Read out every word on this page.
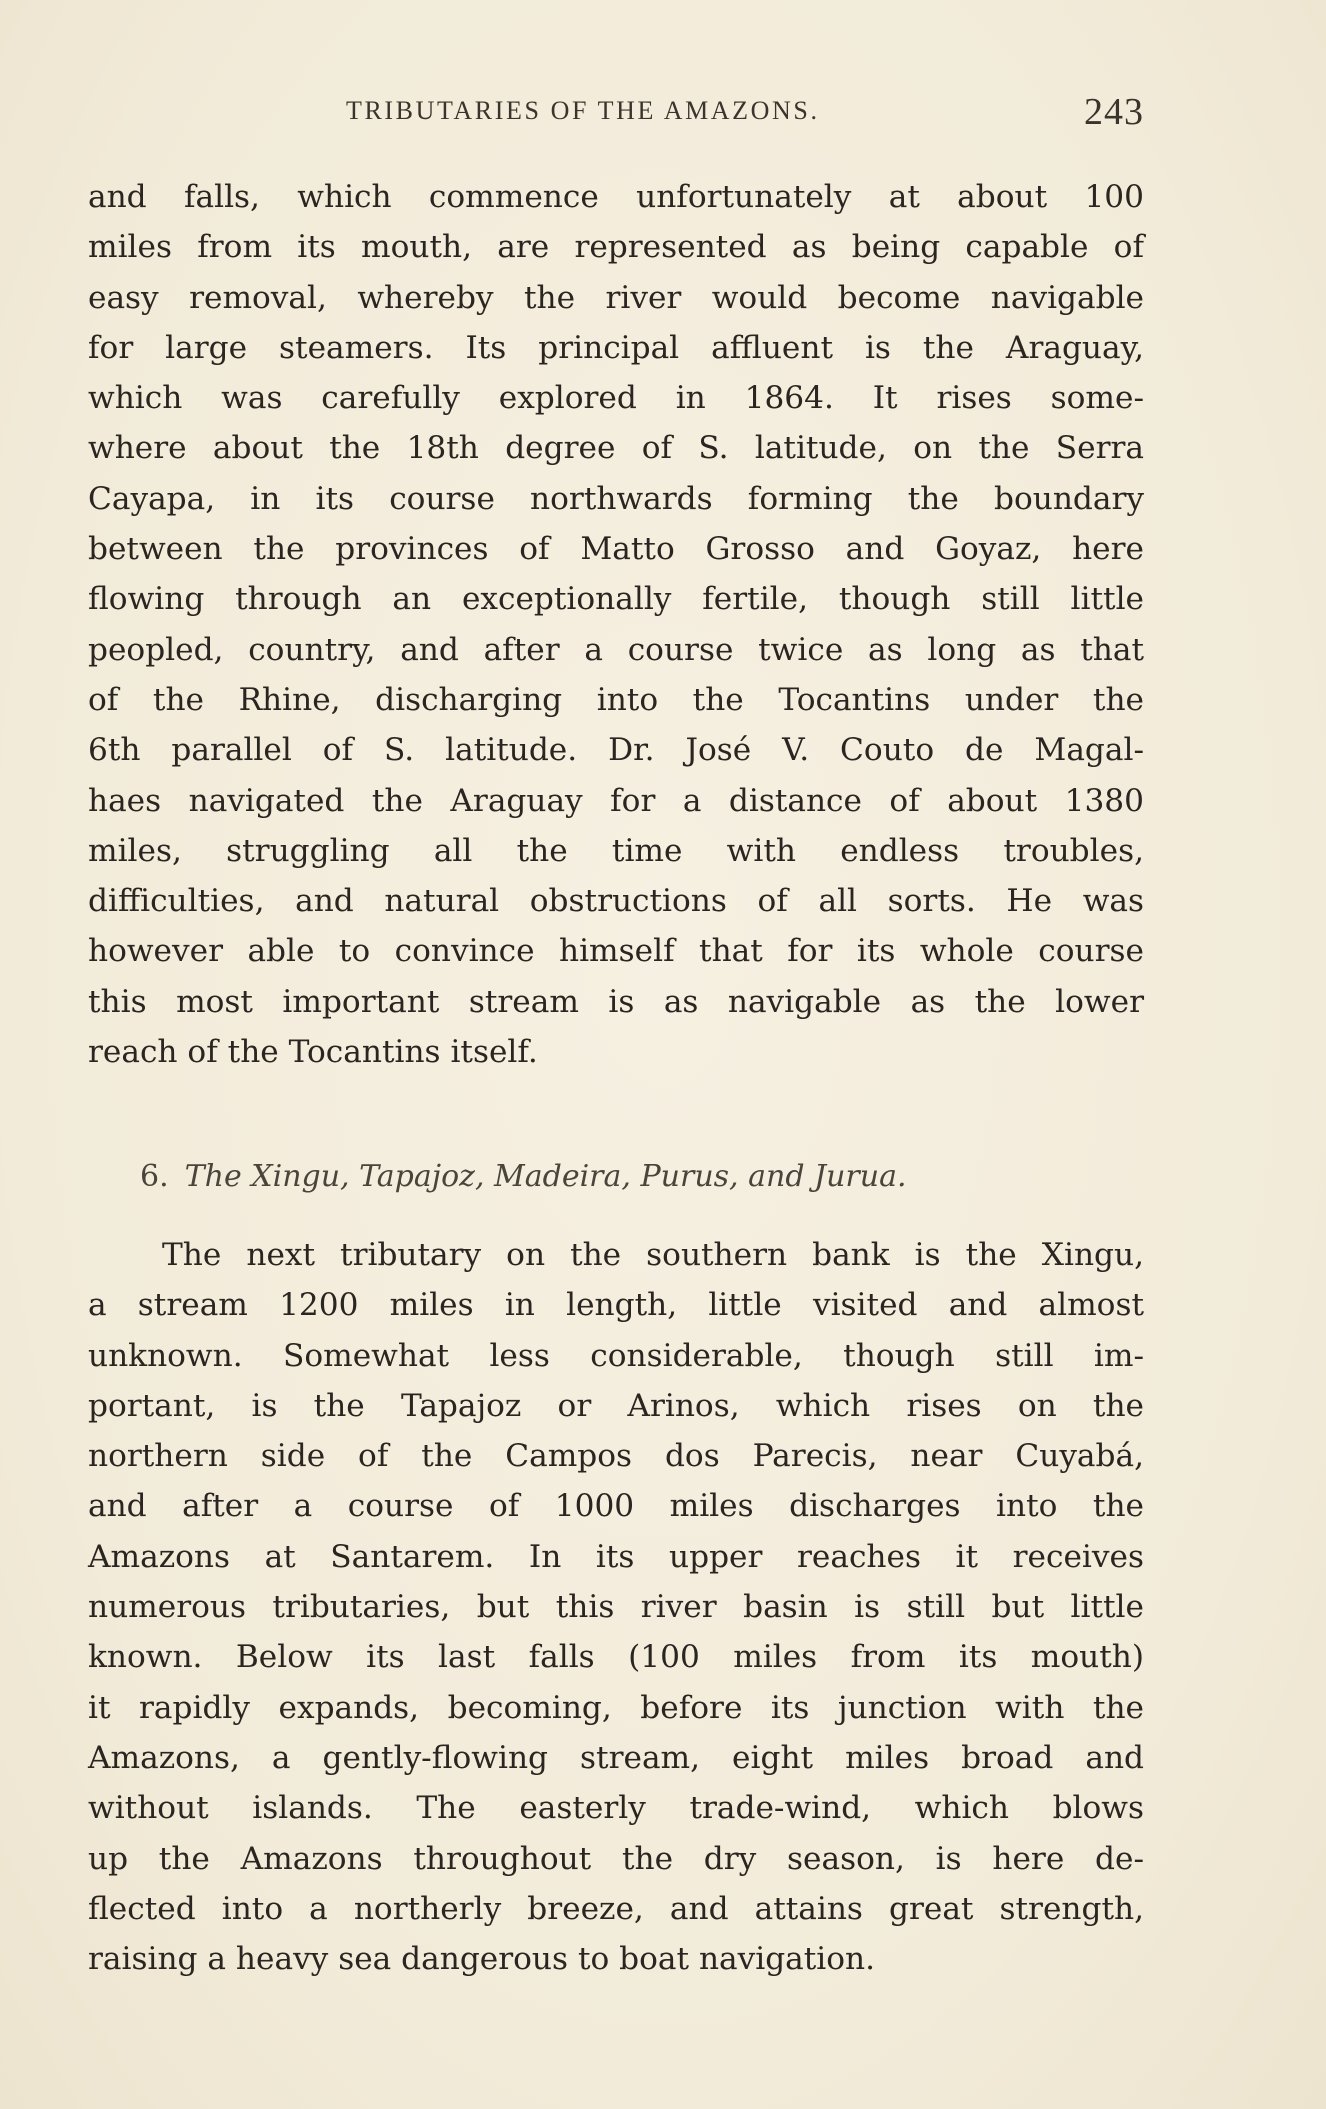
TRIBUTARIES OF THE AMAZONS.	243
and falls, which commence unfortunately at about 100
miles from its mouth, are represented as being capable of
easy removal, whereby the river would become navigable
for large steamers. Its principal affluent is the Araguay,
which was carefully explored in 1864. It rises some-
where about the 18th degree of S. latitude, on the Serra
Cayapa, in its course northwards forming the boundary
between the provinces of Matto Grosso and Goyaz, here
flowing through an exceptionally fertile, though still little
peopled, country, and after a course twice as long as that
of the Rhine, discharging into the Tocantins under the
6th parallel of S. latitude. Dr. José V. Couto de Magal-
haes navigated the Araguay for a distance of about 1380
miles, struggling all the time with endless troubles,
difficulties, and natural obstructions of all sorts. He was
however able to convince himself that for its whole course
this most important stream is as navigable as the lower
reach of the Tocantins itself.
6. The Xingu, Tapajoz, Madeira, Purus, and Jurua.
The next tributary on the southern bank is the Xingu,
a stream 1200 miles in length, little visited and almost
unknown. Somewhat less considerable, though still im-
portant, is the Tapajoz or Arinos, which rises on the
northern side of the Campos dos Parecis, near Cuyabá,
and after a course of 1000 miles discharges into the
Amazons at Santarem. In its upper reaches it receives
numerous tributaries, but this river basin is still but little
known. Below its last falls (100 miles from its mouth)
it rapidly expands, becoming, before its junction with the
Amazons, a gently-flowing stream, eight miles broad and
without islands. The easterly trade-wind, which blows
up the Amazons throughout the dry season, is here de-
flected into a northerly breeze, and attains great strength,
raising a heavy sea dangerous to boat navigation.
